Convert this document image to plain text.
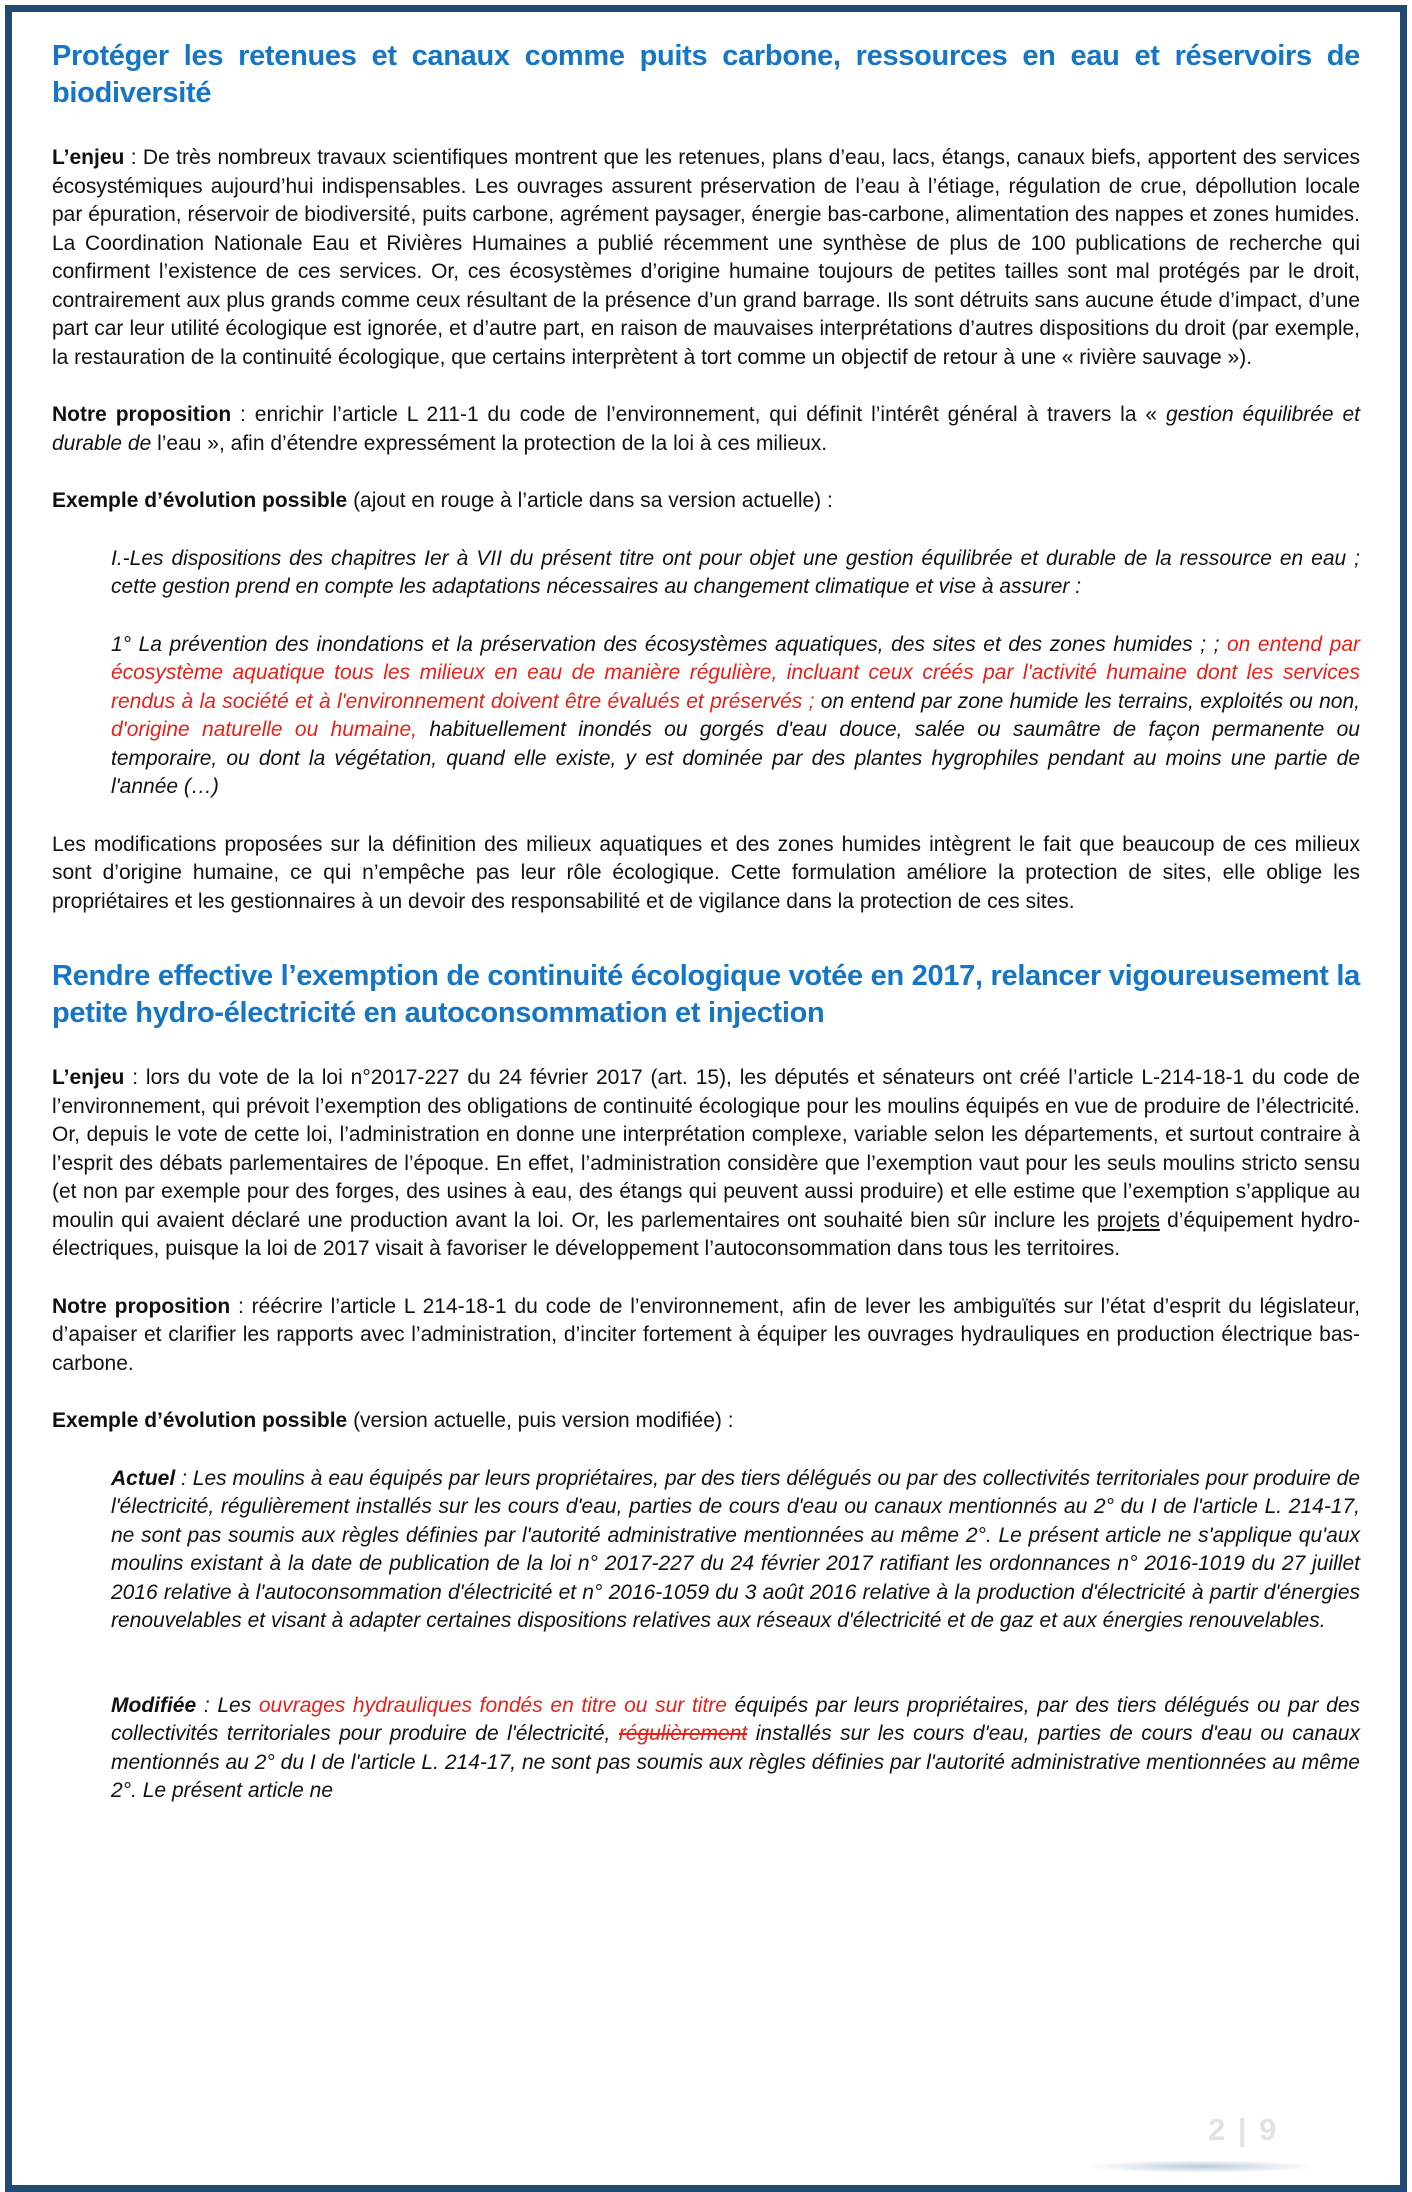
Protéger les retenues et canaux comme puits carbone, ressources en eau et réservoirs de biodiversité

L’enjeu : De très nombreux travaux scientifiques montrent que les retenues, plans d’eau, lacs, étangs, canaux biefs, apportent des services écosystémiques aujourd’hui indispensables. Les ouvrages assurent préservation de l’eau à l’étiage, régulation de crue, dépollution locale par épuration, réservoir de biodiversité, puits carbone, agrément paysager, énergie bas-carbone, alimentation des nappes et zones humides. La Coordination Nationale Eau et Rivières Humaines a publié récemment une synthèse de plus de 100 publications de recherche qui confirment l’existence de ces services. Or, ces écosystèmes d’origine humaine toujours de petites tailles sont mal protégés par le droit, contrairement aux plus grands comme ceux résultant de la présence d’un grand barrage. Ils sont détruits sans aucune étude d’impact, d’une part car leur utilité écologique est ignorée, et d’autre part, en raison de mauvaises interprétations d’autres dispositions du droit (par exemple, la restauration de la continuité écologique, que certains interprètent à tort comme un objectif de retour à une « rivière sauvage »).

Notre proposition : enrichir l’article L 211-1 du code de l’environnement, qui définit l’intérêt général à travers la « gestion équilibrée et durable de l’eau », afin d’étendre expressément la protection de la loi à ces milieux.

Exemple d’évolution possible (ajout en rouge à l’article dans sa version actuelle) :

I.-Les dispositions des chapitres Ier à VII du présent titre ont pour objet une gestion équilibrée et durable de la ressource en eau ; cette gestion prend en compte les adaptations nécessaires au changement climatique et vise à assurer :

1° La prévention des inondations et la préservation des écosystèmes aquatiques, des sites et des zones humides ; ; on entend par écosystème aquatique tous les milieux en eau de manière régulière, incluant ceux créés par l'activité humaine dont les services rendus à la société et à l'environnement doivent être évalués et préservés ; on entend par zone humide les terrains, exploités ou non, d'origine naturelle ou humaine, habituellement inondés ou gorgés d'eau douce, salée ou saumâtre de façon permanente ou temporaire, ou dont la végétation, quand elle existe, y est dominée par des plantes hygrophiles pendant au moins une partie de l'année (…)

Les modifications proposées sur la définition des milieux aquatiques et des zones humides intègrent le fait que beaucoup de ces milieux sont d’origine humaine, ce qui n’empêche pas leur rôle écologique. Cette formulation améliore la protection de sites, elle oblige les propriétaires et les gestionnaires à un devoir des responsabilité et de vigilance dans la protection de ces sites.

Rendre effective l’exemption de continuité écologique votée en 2017, relancer vigoureusement la petite hydro-électricité en autoconsommation et injection

L’enjeu : lors du vote de la loi n°2017-227 du 24 février 2017 (art. 15), les députés et sénateurs ont créé l’article L-214-18-1 du code de l’environnement, qui prévoit l’exemption des obligations de continuité écologique pour les moulins équipés en vue de produire de l’électricité. Or, depuis le vote de cette loi, l’administration en donne une interprétation complexe, variable selon les départements, et surtout contraire à l’esprit des débats parlementaires de l’époque. En effet, l’administration considère que l’exemption vaut pour les seuls moulins stricto sensu (et non par exemple pour des forges, des usines à eau, des étangs qui peuvent aussi produire) et elle estime que l’exemption s’applique au moulin qui avaient déclaré une production avant la loi. Or, les parlementaires ont souhaité bien sûr inclure les projets d’équipement hydro-électriques, puisque la loi de 2017 visait à favoriser le développement l’autoconsommation dans tous les territoires.

Notre proposition : réécrire l’article L 214-18-1 du code de l’environnement, afin de lever les ambiguïtés sur l’état d’esprit du législateur, d’apaiser et clarifier les rapports avec l’administration, d’inciter fortement à équiper les ouvrages hydrauliques en production électrique bas-carbone.

Exemple d’évolution possible (version actuelle, puis version modifiée) :

Actuel : Les moulins à eau équipés par leurs propriétaires, par des tiers délégués ou par des collectivités territoriales pour produire de l'électricité, régulièrement installés sur les cours d'eau, parties de cours d'eau ou canaux mentionnés au 2° du I de l'article L. 214-17, ne sont pas soumis aux règles définies par l'autorité administrative mentionnées au même 2°. Le présent article ne s'applique qu'aux moulins existant à la date de publication de la loi n° 2017-227 du 24 février 2017 ratifiant les ordonnances n° 2016-1019 du 27 juillet 2016 relative à l'autoconsommation d'électricité et n° 2016-1059 du 3 août 2016 relative à la production d'électricité à partir d'énergies renouvelables et visant à adapter certaines dispositions relatives aux réseaux d'électricité et de gaz et aux énergies renouvelables.

Modifiée : Les ouvrages hydrauliques fondés en titre ou sur titre équipés par leurs propriétaires, par des tiers délégués ou par des collectivités territoriales pour produire de l'électricité, régulièrement installés sur les cours d'eau, parties de cours d'eau ou canaux mentionnés au 2° du I de l'article L. 214-17, ne sont pas soumis aux règles définies par l'autorité administrative mentionnées au même 2°. Le présent article ne

2 | 9
